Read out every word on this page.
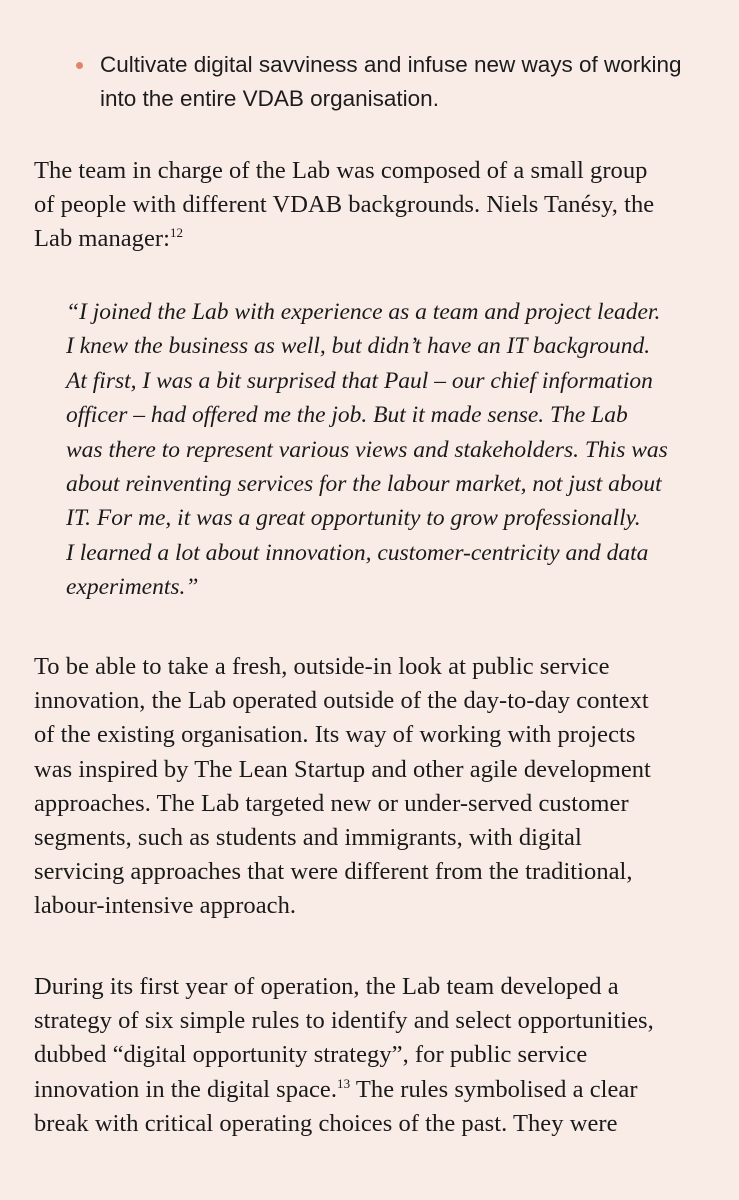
Cultivate digital savviness and infuse new ways of working
into the entire VDAB organisation.

The team in charge of the Lab was composed of a small group
of people with different VDAB backgrounds. Niels Tanésy, the
Lab manager:$^{12}$

“I joined the Lab with experience as a team and project leader.
I knew the business as well, but didn’t have an IT background.
At first, I was a bit surprised that Paul – our chief information
officer – had offered me the job. But it made sense. The Lab
was there to represent various views and stakeholders. This was
about reinventing services for the labour market, not just about
IT. For me, it was a great opportunity to grow professionally.
I learned a lot about innovation, customer-centricity and data
experiments.”

To be able to take a fresh, outside-in look at public service
innovation, the Lab operated outside of the day-to-day context
of the existing organisation. Its way of working with projects
was inspired by The Lean Startup and other agile development
approaches. The Lab targeted new or under-served customer
segments, such as students and immigrants, with digital
servicing approaches that were different from the traditional,
labour-intensive approach.

During its first year of operation, the Lab team developed a
strategy of six simple rules to identify and select opportunities,
dubbed “digital opportunity strategy”, for public service
innovation in the digital space.$^{13}$ The rules symbolised a clear
break with critical operating choices of the past. They were
